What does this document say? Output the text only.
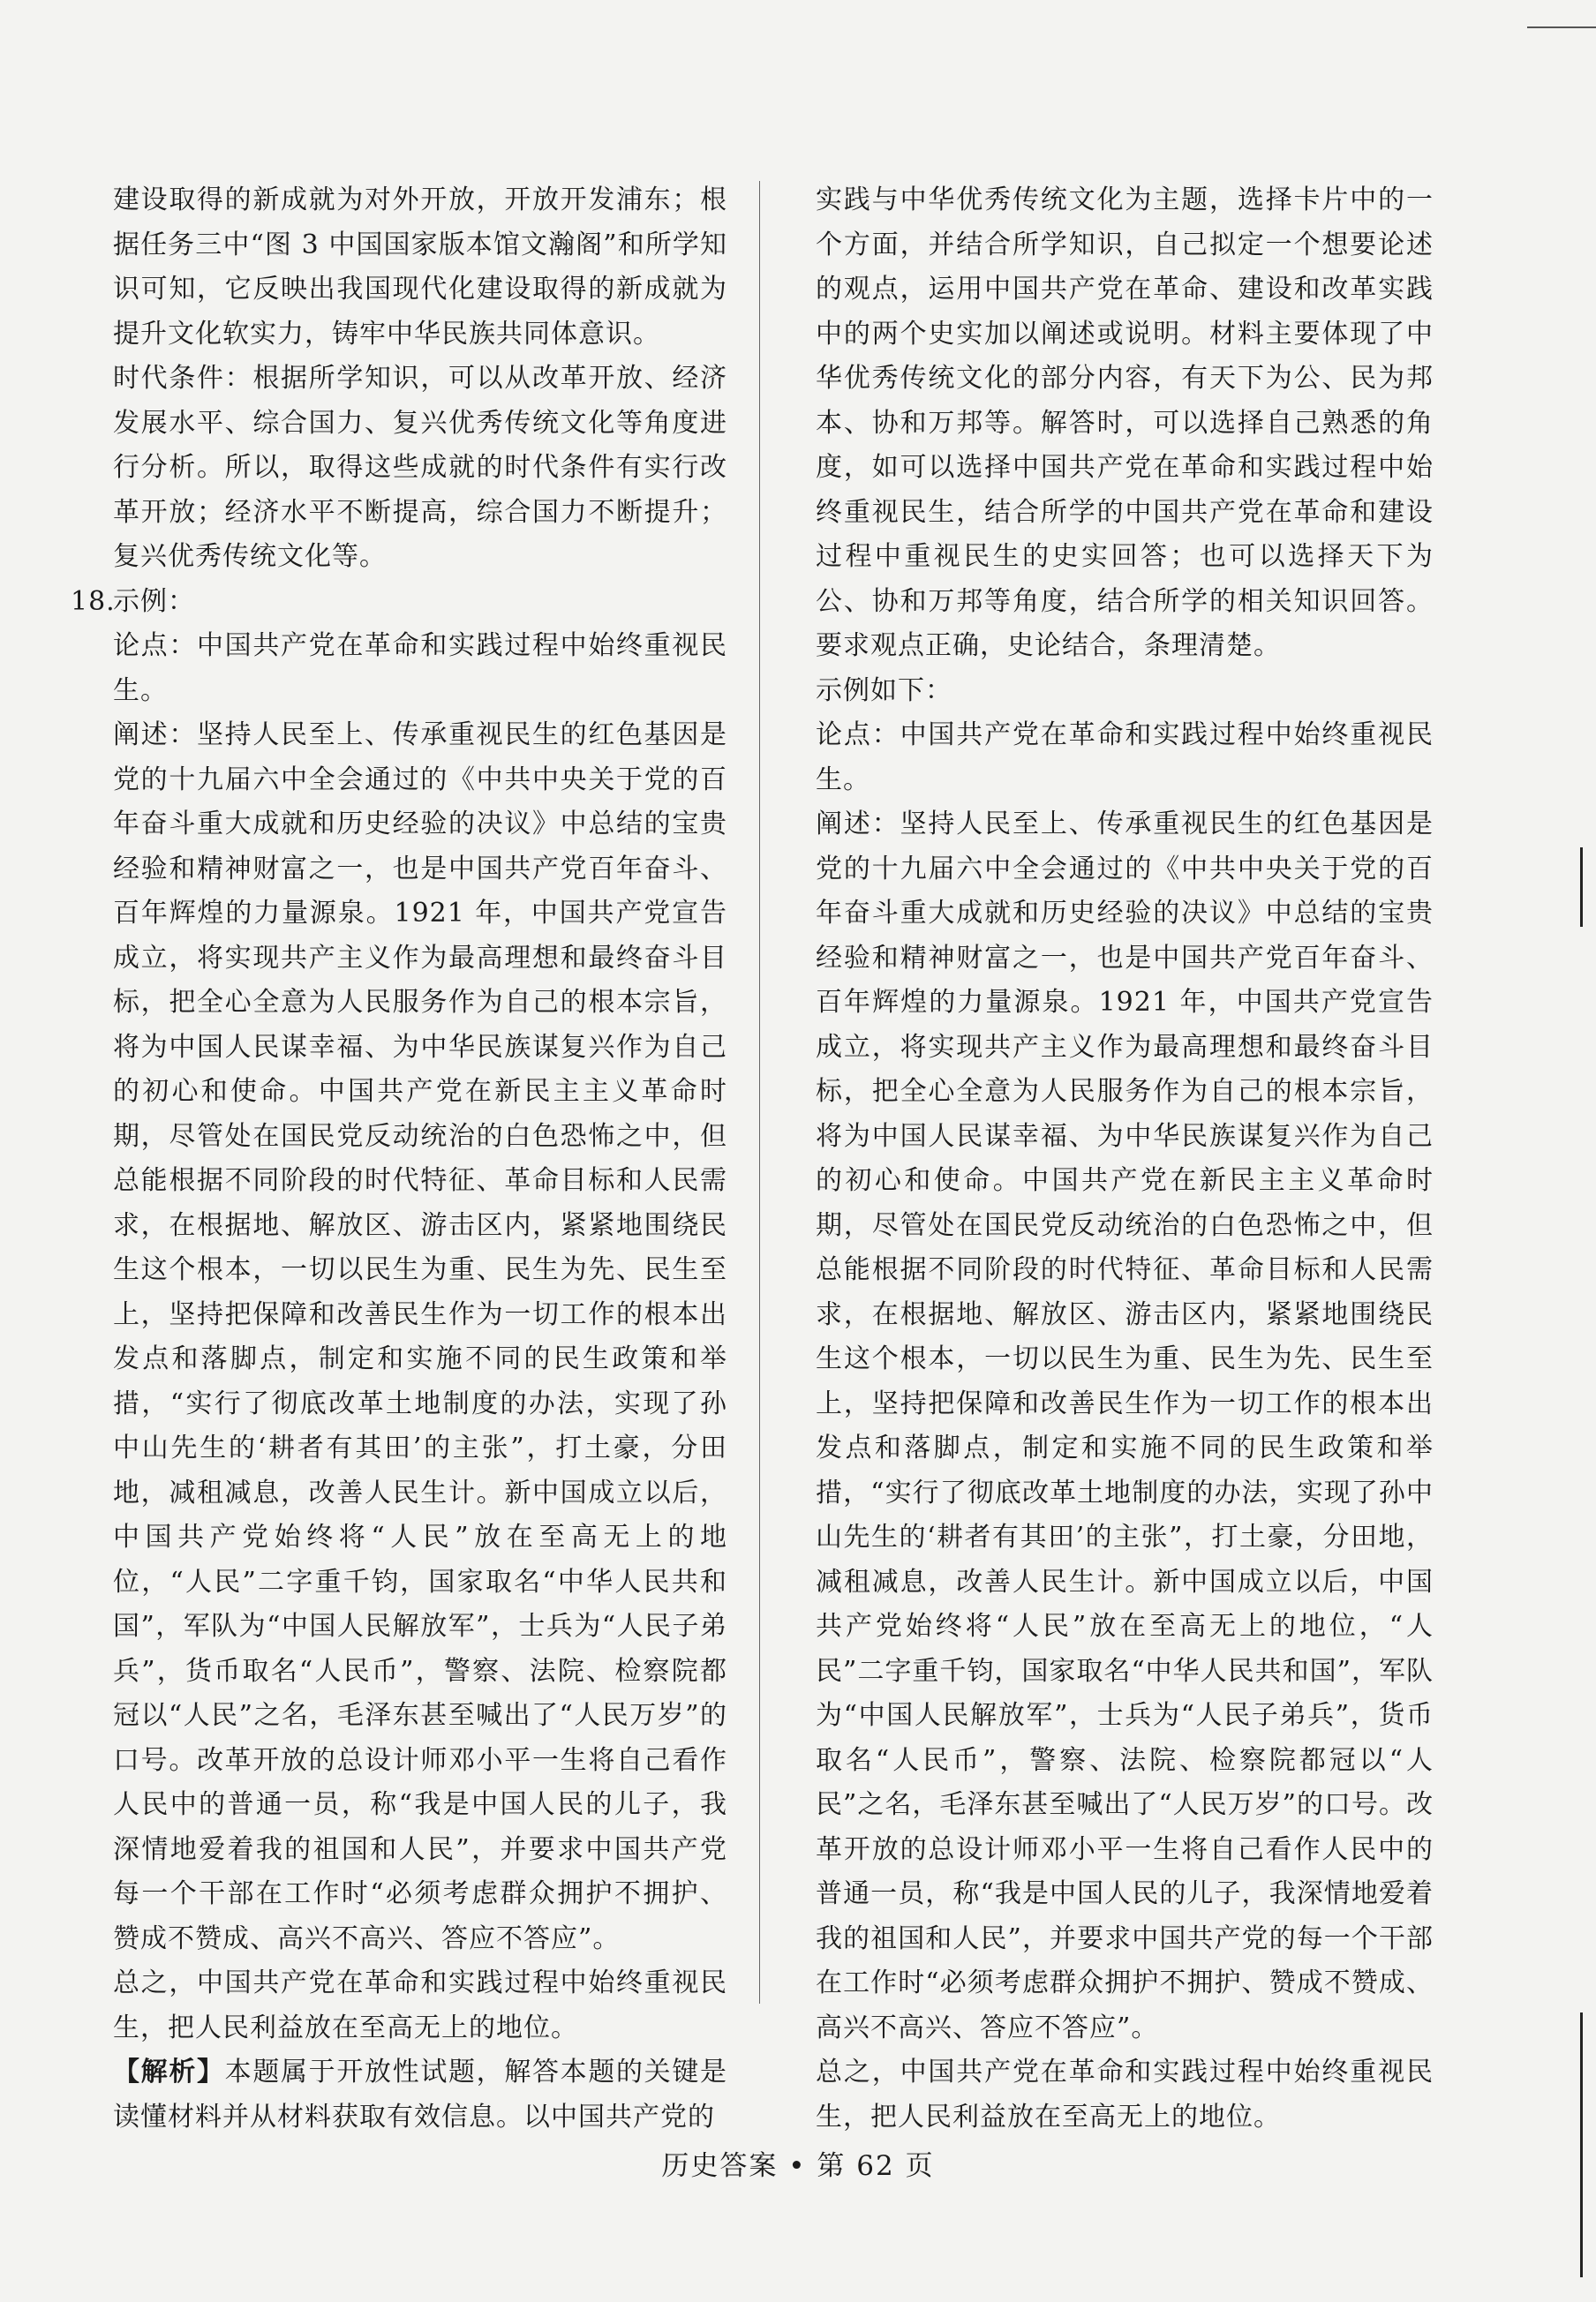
建设取得的新成就为对外开放，开放开发浦东；根据任务三中“图 3 中国国家版本馆文瀚阁”和所学知识可知，它反映出我国现代化建设取得的新成就为提升文化软实力，铸牢中华民族共同体意识。

时代条件：根据所学知识，可以从改革开放、经济发展水平、综合国力、复兴优秀传统文化等角度进行分析。所以，取得这些成就的时代条件有实行改革开放；经济水平不断提高，综合国力不断提升；复兴优秀传统文化等。

18.

示例：

论点：中国共产党在革命和实践过程中始终重视民生。

阐述：坚持人民至上、传承重视民生的红色基因是党的十九届六中全会通过的《中共中央关于党的百年奋斗重大成就和历史经验的决议》中总结的宝贵经验和精神财富之一，也是中国共产党百年奋斗、百年辉煌的力量源泉。1921 年，中国共产党宣告成立，将实现共产主义作为最高理想和最终奋斗目标，把全心全意为人民服务作为自己的根本宗旨，将为中国人民谋幸福、为中华民族谋复兴作为自己的初心和使命。中国共产党在新民主主义革命时期，尽管处在国民党反动统治的白色恐怖之中，但总能根据不同阶段的时代特征、革命目标和人民需求，在根据地、解放区、游击区内，紧紧地围绕民生这个根本，一切以民生为重、民生为先、民生至上，坚持把保障和改善民生作为一切工作的根本出发点和落脚点，制定和实施不同的民生政策和举措，“实行了彻底改革土地制度的办法，实现了孙中山先生的‘耕者有其田’的主张”，打土豪，分田地，减租减息，改善人民生计。新中国成立以后，中国共产党始终将“人民”放在至高无上的地位，“人民”二字重千钧，国家取名“中华人民共和国”，军队为“中国人民解放军”，士兵为“人民子弟兵”，货币取名“人民币”，警察、法院、检察院都冠以“人民”之名，毛泽东甚至喊出了“人民万岁”的口号。改革开放的总设计师邓小平一生将自己看作人民中的普通一员，称“我是中国人民的儿子，我深情地爱着我的祖国和人民”，并要求中国共产党每一个干部在工作时“必须考虑群众拥护不拥护、赞成不赞成、高兴不高兴、答应不答应”。

总之，中国共产党在革命和实践过程中始终重视民生，把人民利益放在至高无上的地位。

【解析】本题属于开放性试题，解答本题的关键是读懂材料并从材料获取有效信息。以中国共产党的

实践与中华优秀传统文化为主题，选择卡片中的一个方面，并结合所学知识，自己拟定一个想要论述的观点，运用中国共产党在革命、建设和改革实践中的两个史实加以阐述或说明。材料主要体现了中华优秀传统文化的部分内容，有天下为公、民为邦本、协和万邦等。解答时，可以选择自己熟悉的角度，如可以选择中国共产党在革命和实践过程中始终重视民生，结合所学的中国共产党在革命和建设过程中重视民生的史实回答；也可以选择天下为公、协和万邦等角度，结合所学的相关知识回答。要求观点正确，史论结合，条理清楚。

示例如下：

论点：中国共产党在革命和实践过程中始终重视民生。

阐述：坚持人民至上、传承重视民生的红色基因是党的十九届六中全会通过的《中共中央关于党的百年奋斗重大成就和历史经验的决议》中总结的宝贵经验和精神财富之一，也是中国共产党百年奋斗、百年辉煌的力量源泉。1921 年，中国共产党宣告成立，将实现共产主义作为最高理想和最终奋斗目标，把全心全意为人民服务作为自己的根本宗旨，将为中国人民谋幸福、为中华民族谋复兴作为自己的初心和使命。中国共产党在新民主主义革命时期，尽管处在国民党反动统治的白色恐怖之中，但总能根据不同阶段的时代特征、革命目标和人民需求，在根据地、解放区、游击区内，紧紧地围绕民生这个根本，一切以民生为重、民生为先、民生至上，坚持把保障和改善民生作为一切工作的根本出发点和落脚点，制定和实施不同的民生政策和举措，“实行了彻底改革土地制度的办法，实现了孙中山先生的‘耕者有其田’的主张”，打土豪，分田地，减租减息，改善人民生计。新中国成立以后，中国共产党始终将“人民”放在至高无上的地位，“人民”二字重千钧，国家取名“中华人民共和国”，军队为“中国人民解放军”，士兵为“人民子弟兵”，货币取名“人民币”，警察、法院、检察院都冠以“人民”之名，毛泽东甚至喊出了“人民万岁”的口号。改革开放的总设计师邓小平一生将自己看作人民中的普通一员，称“我是中国人民的儿子，我深情地爱着我的祖国和人民”，并要求中国共产党的每一个干部在工作时“必须考虑群众拥护不拥护、赞成不赞成、高兴不高兴、答应不答应”。

总之，中国共产党在革命和实践过程中始终重视民生，把人民利益放在至高无上的地位。

历史答案 • 第 62 页
